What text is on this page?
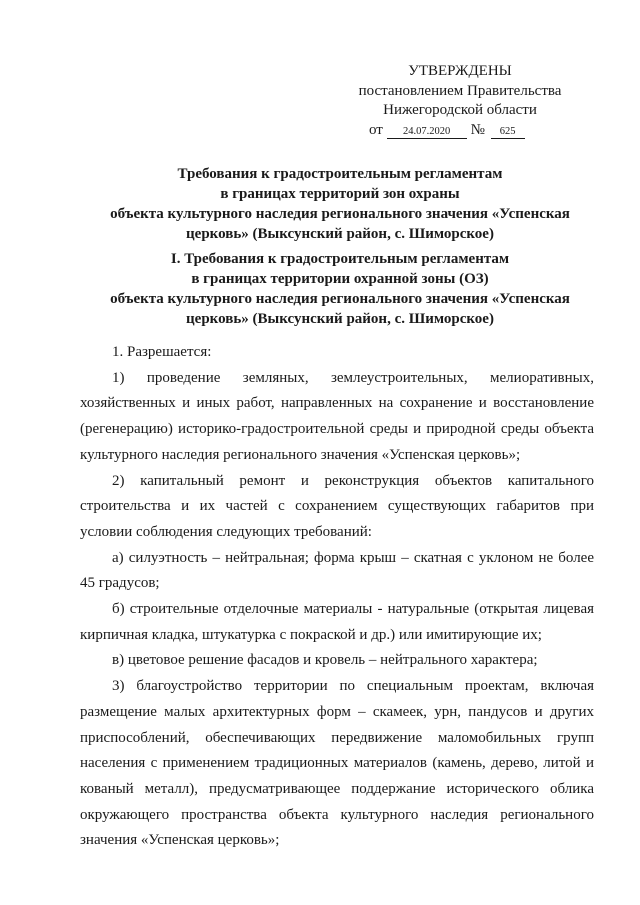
УТВЕРЖДЕНЫ
постановлением Правительства
Нижегородской области
от 24.07.2020 № 625
Требования к градостроительным регламентам
в границах территорий зон охраны
объекта культурного наследия регионального значения «Успенская
церковь» (Выксунский район, с. Шиморское)
I. Требования к градостроительным регламентам
в границах территории охранной зоны (ОЗ)
объекта культурного наследия регионального значения «Успенская
церковь» (Выксунский район, с. Шиморское)
1. Разрешается:
1) проведение земляных, землеустроительных, мелиоративных,
хозяйственных и иных работ, направленных на сохранение и восстановление
(регенерацию) историко-градостроительной среды и природной среды объекта
культурного наследия регионального значения «Успенская церковь»;
2) капитальный ремонт и реконструкция объектов капитального
строительства и их частей с сохранением существующих габаритов при
условии соблюдения следующих требований:
а) силуэтность – нейтральная; форма крыш – скатная с уклоном не более
45 градусов;
б) строительные отделочные материалы - натуральные (открытая лицевая
кирпичная кладка, штукатурка с покраской и др.) или имитирующие их;
в) цветовое решение фасадов и кровель – нейтрального характера;
3) благоустройство территории по специальным проектам, включая
размещение малых архитектурных форм – скамеек, урн, пандусов и других
приспособлений, обеспечивающих передвижение маломобильных групп
населения с применением традиционных материалов (камень, дерево, литой и
кованый металл), предусматривающее поддержание исторического облика
окружающего пространства объекта культурного наследия регионального
значения «Успенская церковь»;
